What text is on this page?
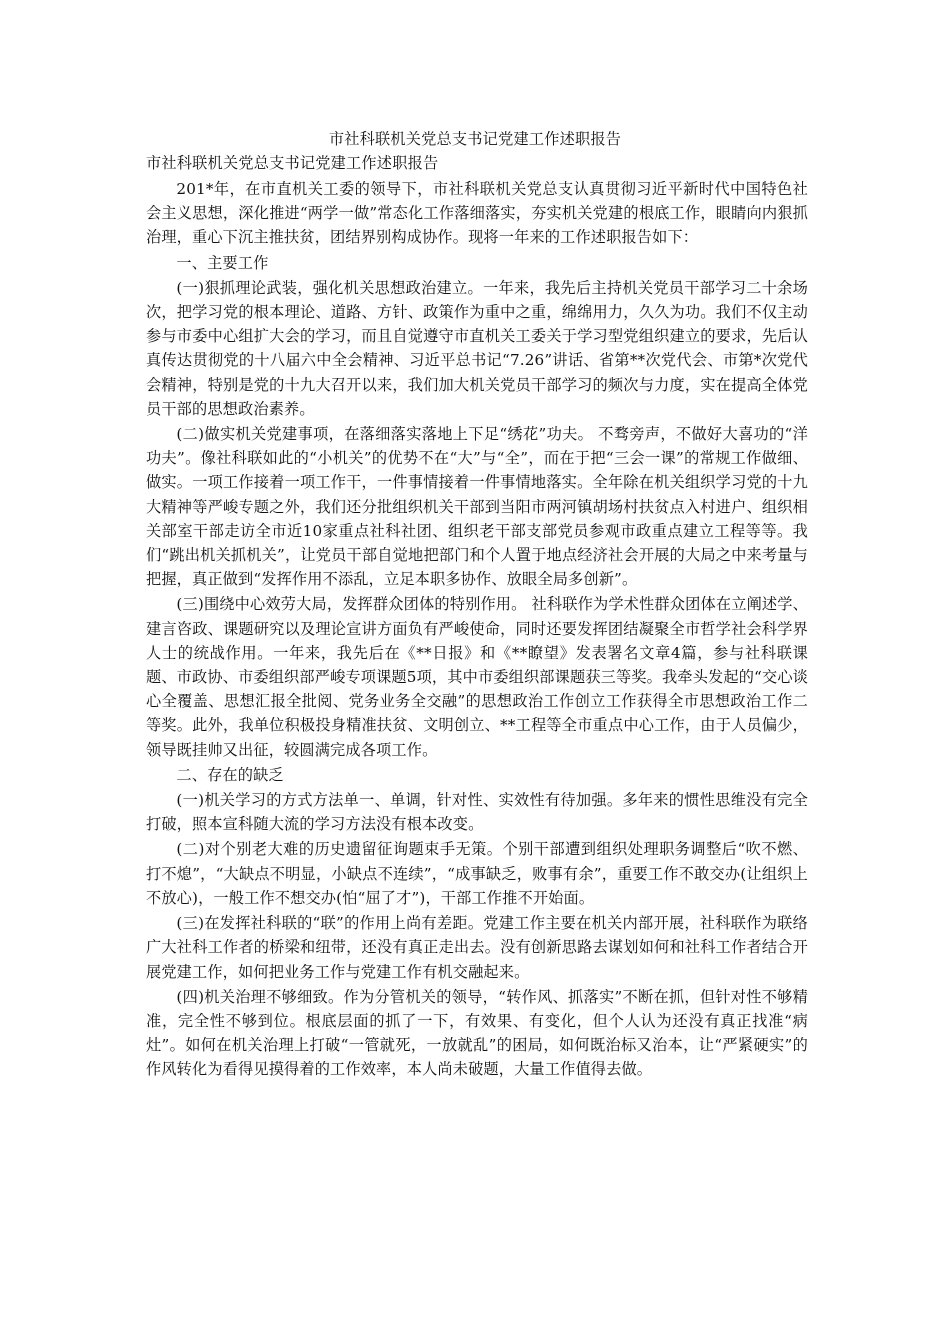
市社科联机关党总支书记党建工作述职报告
市社科联机关党总支书记党建工作述职报告

201*年，在市直机关工委的领导下，市社科联机关党总支认真贯彻习近平新时代中国特色社会主义思想，深化推进“两学一做”常态化工作落细落实，夯实机关党建的根底工作，眼睛向内狠抓治理，重心下沉主推扶贫，团结界别构成协作。现将一年来的工作述职报告如下：

一、主要工作

(一)狠抓理论武装，强化机关思想政治建立。一年来，我先后主持机关党员干部学习二十余场次，把学习党的根本理论、道路、方针、政策作为重中之重，绵绵用力，久久为功。我们不仅主动参与市委中心组扩大会的学习，而且自觉遵守市直机关工委关于学习型党组织建立的要求，先后认真传达贯彻党的十八届六中全会精神、习近平总书记“7.26”讲话、省第**次党代会、市第*次党代会精神，特别是党的十九大召开以来，我们加大机关党员干部学习的频次与力度，实在提高全体党员干部的思想政治素养。

(二)做实机关党建事项，在落细落实落地上下足“绣花”功夫。 不骛旁声，不做好大喜功的“洋功夫”。像社科联如此的“小机关”的优势不在“大”与“全”，而在于把“三会一课”的常规工作做细、做实。一项工作接着一项工作干，一件事情接着一件事情地落实。全年除在机关组织学习党的十九大精神等严峻专题之外，我们还分批组织机关干部到当阳市两河镇胡场村扶贫点入村进户、组织相关部室干部走访全市近10家重点社科社团、组织老干部支部党员参观市政重点建立工程等等。我们“跳出机关抓机关”，让党员干部自觉地把部门和个人置于地点经济社会开展的大局之中来考量与把握，真正做到“发挥作用不添乱，立足本职多协作、放眼全局多创新”。

(三)围绕中心效劳大局，发挥群众团体的特别作用。 社科联作为学术性群众团体在立阐述学、建言咨政、课题研究以及理论宣讲方面负有严峻使命，同时还要发挥团结凝聚全市哲学社会科学界人士的统战作用。一年来，我先后在《**日报》和《**瞭望》发表署名文章4篇，参与社科联课题、市政协、市委组织部严峻专项课题5项，其中市委组织部课题获三等奖。我牵头发起的“交心谈心全覆盖、思想汇报全批阅、党务业务全交融”的思想政治工作创立工作获得全市思想政治工作二等奖。此外，我单位积极投身精准扶贫、文明创立、**工程等全市重点中心工作，由于人员偏少，领导既挂帅又出征，较圆满完成各项工作。

二、存在的缺乏

(一)机关学习的方式方法单一、单调，针对性、实效性有待加强。多年来的惯性思维没有完全打破，照本宣科随大流的学习方法没有根本改变。

(二)对个别老大难的历史遗留征询题束手无策。个别干部遭到组织处理职务调整后“吹不燃、打不熄”，“大缺点不明显，小缺点不连续”，“成事缺乏，败事有余”，重要工作不敢交办(让组织上不放心)，一般工作不想交办(怕“屈了才”)，干部工作推不开始面。

(三)在发挥社科联的“联”的作用上尚有差距。党建工作主要在机关内部开展，社科联作为联络广大社科工作者的桥梁和纽带，还没有真正走出去。没有创新思路去谋划如何和社科工作者结合开展党建工作，如何把业务工作与党建工作有机交融起来。

(四)机关治理不够细致。作为分管机关的领导，“转作风、抓落实”不断在抓，但针对性不够精准，完全性不够到位。根底层面的抓了一下，有效果、有变化，但个人认为还没有真正找准“病灶”。如何在机关治理上打破“一管就死，一放就乱”的困局，如何既治标又治本，让“严紧硬实”的作风转化为看得见摸得着的工作效率，本人尚未破题，大量工作值得去做。
